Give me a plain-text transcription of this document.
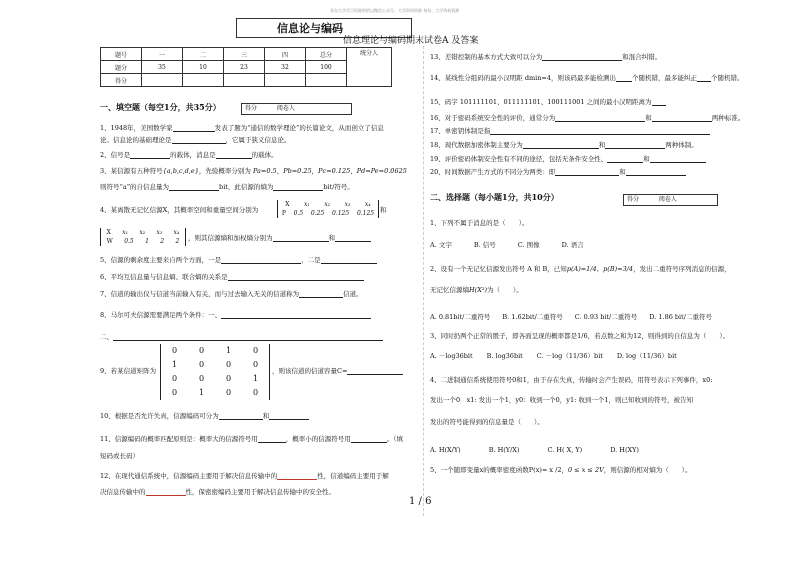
亚东大学学习资源供给以微信公众号、大学资料资源 每份、大学资料资源
信息论与编码
信息理论与编码期末试卷A 及答案
题号	一	二	三	四	总分	统分人
题分	35	10	23	32	100	
得分						
一、填空题（每空1分，共35分）	得分	阅卷人
1、1948年，美国数学家	发表了题为“通信的数学理论”的长篇论文，从而创立了信息
论。信息论的基础理论是	，它属于狭义信息论。
2、信号是	的载体，消息是	的载体。
3、某信源有五种符号{a,b,c,d,e}，先验概率分别为 Pa=0.5，Pb=0.25，Pc=0.125，Pd=Pe=0.0625
则符号“a”的自信息量为	bit，此信源的熵为	bit/符号。
4、某离散无记忆信源X，其概率空间和重量空间分别为
X x₁ x₂ x₃ x₄
P 0.5 0.25 0.125 0.125 和
X x₁ x₂ x₃ x₄
W 0.5 1 2 2 ，则其信源熵和加权熵分别为	和
5、信源的剩余度主要来自两个方面，一是	，二是
6、平均互信息量与信息熵、联合熵的关系是
7、信道的输出仅与信道当前输入有关，而与过去输入无关的信道称为	信道。
8、马尔可夫信源需要满足两个条件：一、
二、
9、若某信道矩阵为
0	0	1	0
1	0	0	0
0	0	0	1
0	1	0	0
，则该信道的信道容量C=
10、根据是否允许失真，信源编码可分为	和
11、信源编码的概率匹配原则是：概率大的信源符号用	，概率小的信源符号用	。（填
短码或长码）
12、在现代通信系统中，信源编码主要用于解决信息传输中的	性，信道编码主要用于解
决信息传输中的	性，保密密编码主要用于解决信息传输中的安全性。
13、差错控制的基本方式大致可以分为	和混合纠错。
14、某线性分组码的最小汉明距 dmin=4，则该码最多能检测出 个随机错，最多能纠正 个随机错。
15、码字 101111101、011111101、100111001 之间的最小汉明距离为
16、对于密码系统安全性的评价，通常分为	和	两种标准。
17、单密钥体制是指
18、现代数据加密体制主要分为	和	两种体制。
19、评价密码体制安全性有不同的途径，包括无条件安全性、	和
20、时间数据产生方式的不同分为两类：即	和
二、选择题（每小题1分，共10分）	得分	阅卷人
1、下列不属于消息的是（　　）。
A. 文字	B. 信号	C. 图像	D. 语言
2、设有一个无记忆信源发出符号 A 和 B，已知p(A)=1/4，p(B)=3/4，发出二重符号序列消息的信源，
无记忆信源熵H(X²)为（　　）。
A. 0.81bit/二重符号 B. 1.62bit/二重符号 C. 0.93 bit/二重符号 D. 1.86 bit/二重符号
3、同时扔两个正常的骰子，即各面呈现的概率都是1/6，若点数之和为12，则得到的自信息为（　　）。
A. －log36bit B. log36bit C. －log（11/36）bit D. log（11/36）bit
4、二进制通信系统使用符号0和1，由于存在失真，传输时会产生误码，用符号表示下列事件，x0:
发出一个0　x1: 发出一个1，y0：收到一个0，y1: 收到一个1，则已知收到的符号，被告知
发出的符号能得到的信息量是（　　）。
A. H(X/Y)	B. H(Y/X)	C. H( X, Y)	D. H(XY)
5、一个随即变量x的概率密度函数P(x)= x /2，0 ≤ x ≤ 2V，则信源的相对熵为（　　）。
1 / 6
